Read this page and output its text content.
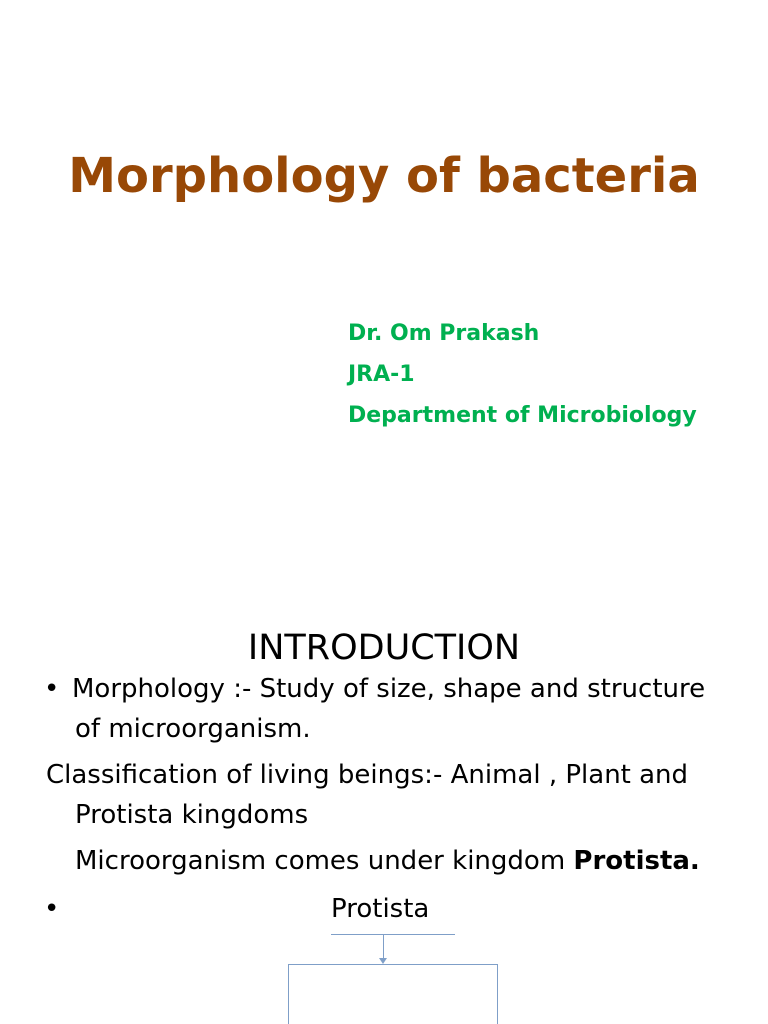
Morphology of bacteria
Dr. Om Prakash
JRA-1
Department of Microbiology
INTRODUCTION
• Morphology :- Study of size, shape and structure
of microorganism.
Classification of living beings:- Animal , Plant and
Protista kingdoms
Microorganism comes under kingdom Protista.
•	Protista
